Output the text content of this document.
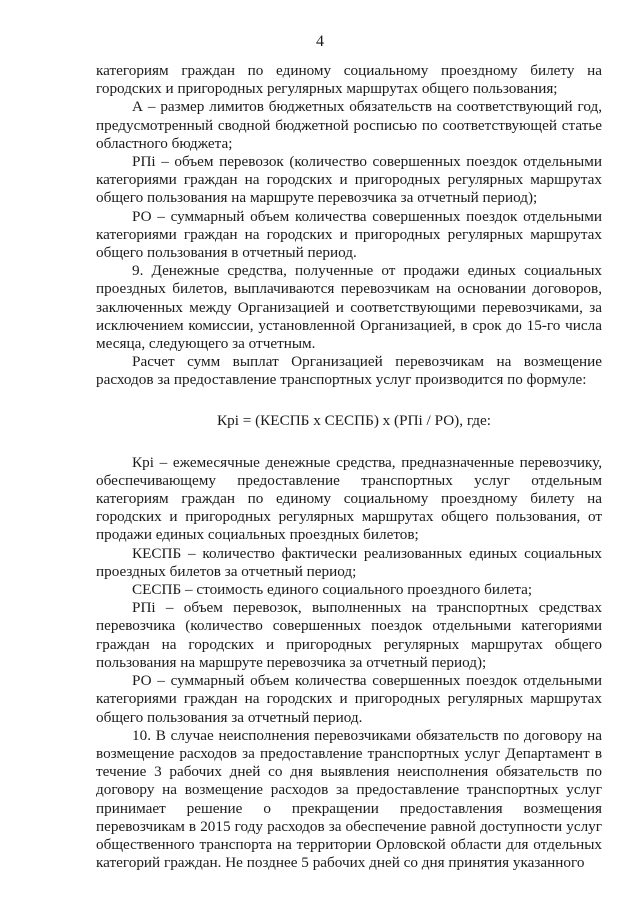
4

категориям граждан по единому социальному проездному билету на городских и пригородных регулярных маршрутах общего пользования;

А – размер лимитов бюджетных обязательств на соответствующий год, предусмотренный сводной бюджетной росписью по соответствующей статье областного бюджета;

РПi – объем перевозок (количество совершенных поездок отдельными категориями граждан на городских и пригородных регулярных маршрутах общего пользования на маршруте перевозчика за отчетный период);

РО – суммарный объем количества совершенных поездок отдельными категориями граждан на городских и пригородных регулярных маршрутах общего пользования в отчетный период.

9. Денежные средства, полученные от продажи единых социальных проездных билетов, выплачиваются перевозчикам на основании договоров, заключенных между Организацией и соответствующими перевозчиками, за исключением комиссии, установленной Организацией, в срок до 15-го числа месяца, следующего за отчетным.

Расчет сумм выплат Организацией перевозчикам на возмещение расходов за предоставление транспортных услуг производится по формуле:

Крi = (КЕСПБ х СЕСПБ) х (РПi / РО), где:

Крi – ежемесячные денежные средства, предназначенные перевозчику, обеспечивающему предоставление транспортных услуг отдельным категориям граждан по единому социальному проездному билету на городских и пригородных регулярных маршрутах общего пользования, от продажи единых социальных проездных билетов;

КЕСПБ – количество фактически реализованных единых социальных проездных билетов за отчетный период;

СЕСПБ – стоимость единого социального проездного билета;

РПi – объем перевозок, выполненных на транспортных средствах перевозчика (количество совершенных поездок отдельными категориями граждан на городских и пригородных регулярных маршрутах общего пользования на маршруте перевозчика за отчетный период);

РО – суммарный объем количества совершенных поездок отдельными категориями граждан на городских и пригородных регулярных маршрутах общего пользования за отчетный период.

10. В случае неисполнения перевозчиками обязательств по договору на возмещение расходов за предоставление транспортных услуг Департамент в течение 3 рабочих дней со дня выявления неисполнения обязательств по договору на возмещение расходов за предоставление транспортных услуг принимает решение о прекращении предоставления возмещения перевозчикам в 2015 году расходов за обеспечение равной доступности услуг общественного транспорта на территории Орловской области для отдельных категорий граждан. Не позднее 5 рабочих дней со дня принятия указанного
